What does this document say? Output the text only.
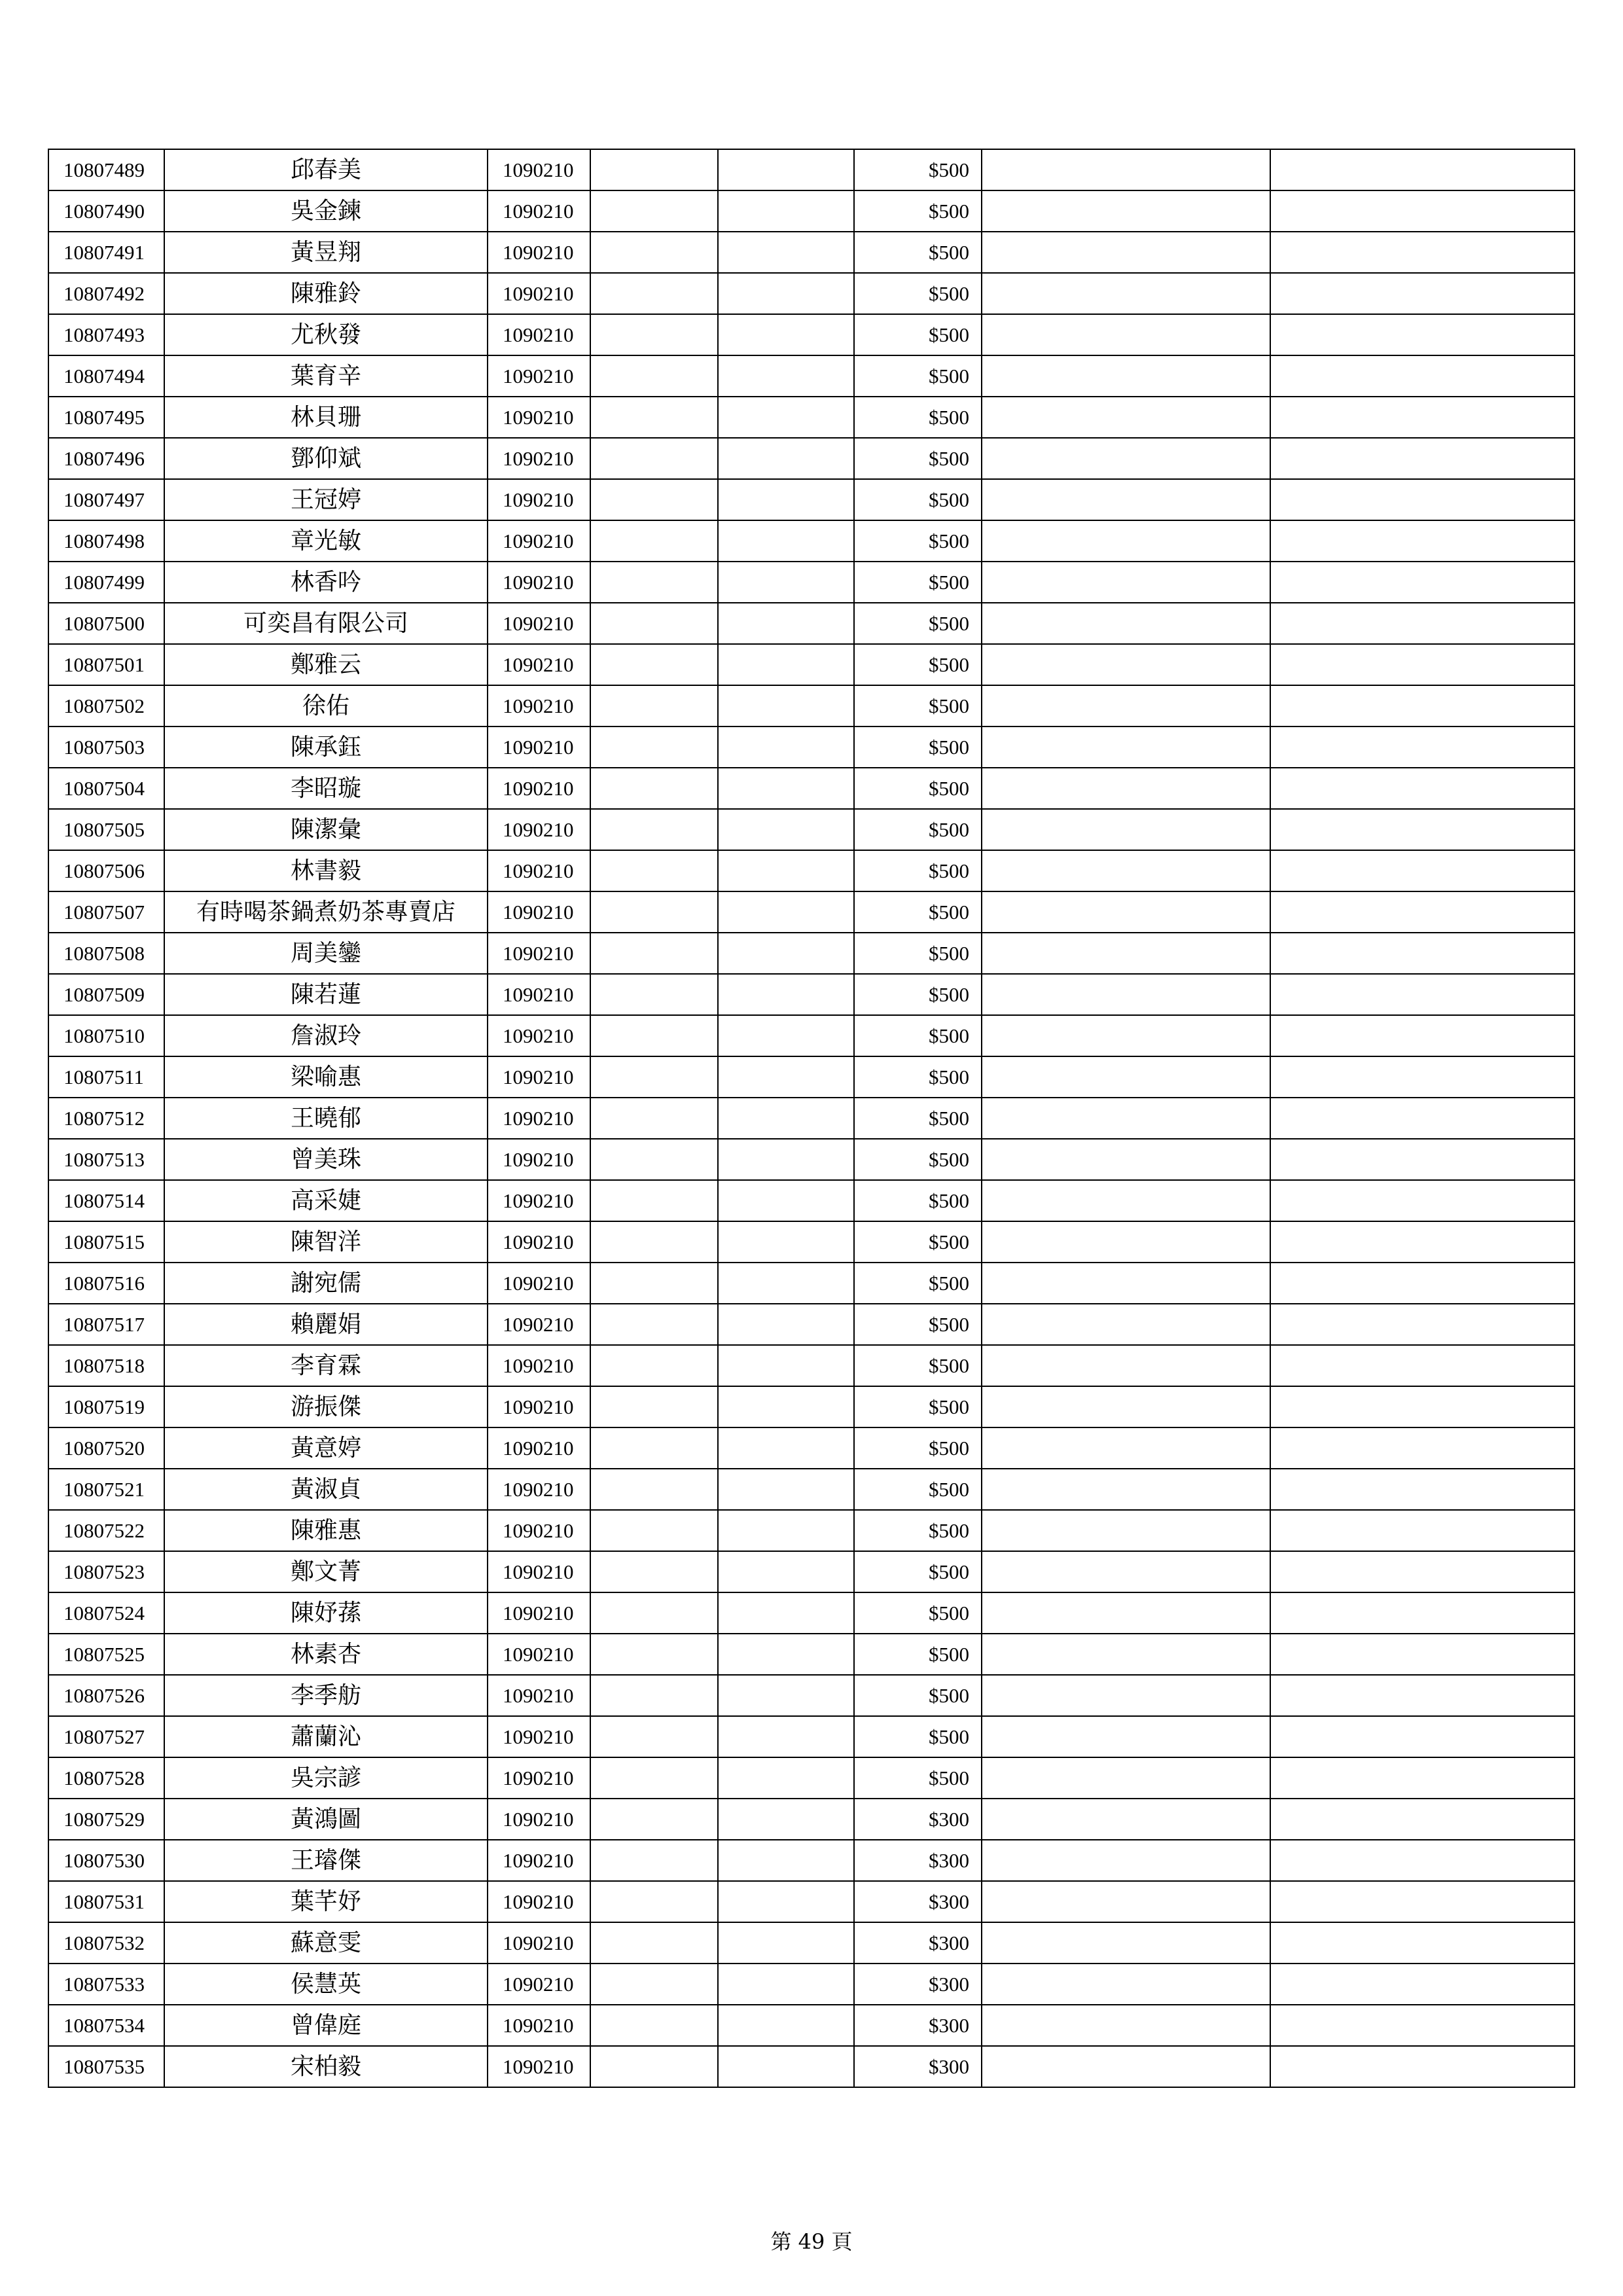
10807489	邱春美	1090210			$500		
10807490	吳金鍊	1090210			$500		
10807491	黃昱翔	1090210			$500		
10807492	陳雅鈴	1090210			$500		
10807493	尤秋發	1090210			$500		
10807494	葉育辛	1090210			$500		
10807495	林貝珊	1090210			$500		
10807496	鄧仰斌	1090210			$500		
10807497	王冠婷	1090210			$500		
10807498	章光敏	1090210			$500		
10807499	林香吟	1090210			$500		
10807500	可奕昌有限公司	1090210			$500		
10807501	鄭雅云	1090210			$500		
10807502	徐佑	1090210			$500		
10807503	陳承鈺	1090210			$500		
10807504	李昭璇	1090210			$500		
10807505	陳潔彙	1090210			$500		
10807506	林書毅	1090210			$500		
10807507	有時喝茶鍋煮奶茶專賣店	1090210			$500		
10807508	周美鑾	1090210			$500		
10807509	陳若蓮	1090210			$500		
10807510	詹淑玲	1090210			$500		
10807511	梁喻惠	1090210			$500		
10807512	王曉郁	1090210			$500		
10807513	曾美珠	1090210			$500		
10807514	高采婕	1090210			$500		
10807515	陳智洋	1090210			$500		
10807516	謝宛儒	1090210			$500		
10807517	賴麗娟	1090210			$500		
10807518	李育霖	1090210			$500		
10807519	游振傑	1090210			$500		
10807520	黃意婷	1090210			$500		
10807521	黃淑貞	1090210			$500		
10807522	陳雅惠	1090210			$500		
10807523	鄭文菁	1090210			$500		
10807524	陳妤蓀	1090210			$500		
10807525	林素杏	1090210			$500		
10807526	李季舫	1090210			$500		
10807527	蕭蘭沁	1090210			$500		
10807528	吳宗諺	1090210			$500		
10807529	黃鴻圖	1090210			$300		
10807530	王璿傑	1090210			$300		
10807531	葉芊妤	1090210			$300		
10807532	蘇意雯	1090210			$300		
10807533	侯慧英	1090210			$300		
10807534	曾偉庭	1090210			$300		
10807535	宋柏毅	1090210			$300		
第 49 頁
